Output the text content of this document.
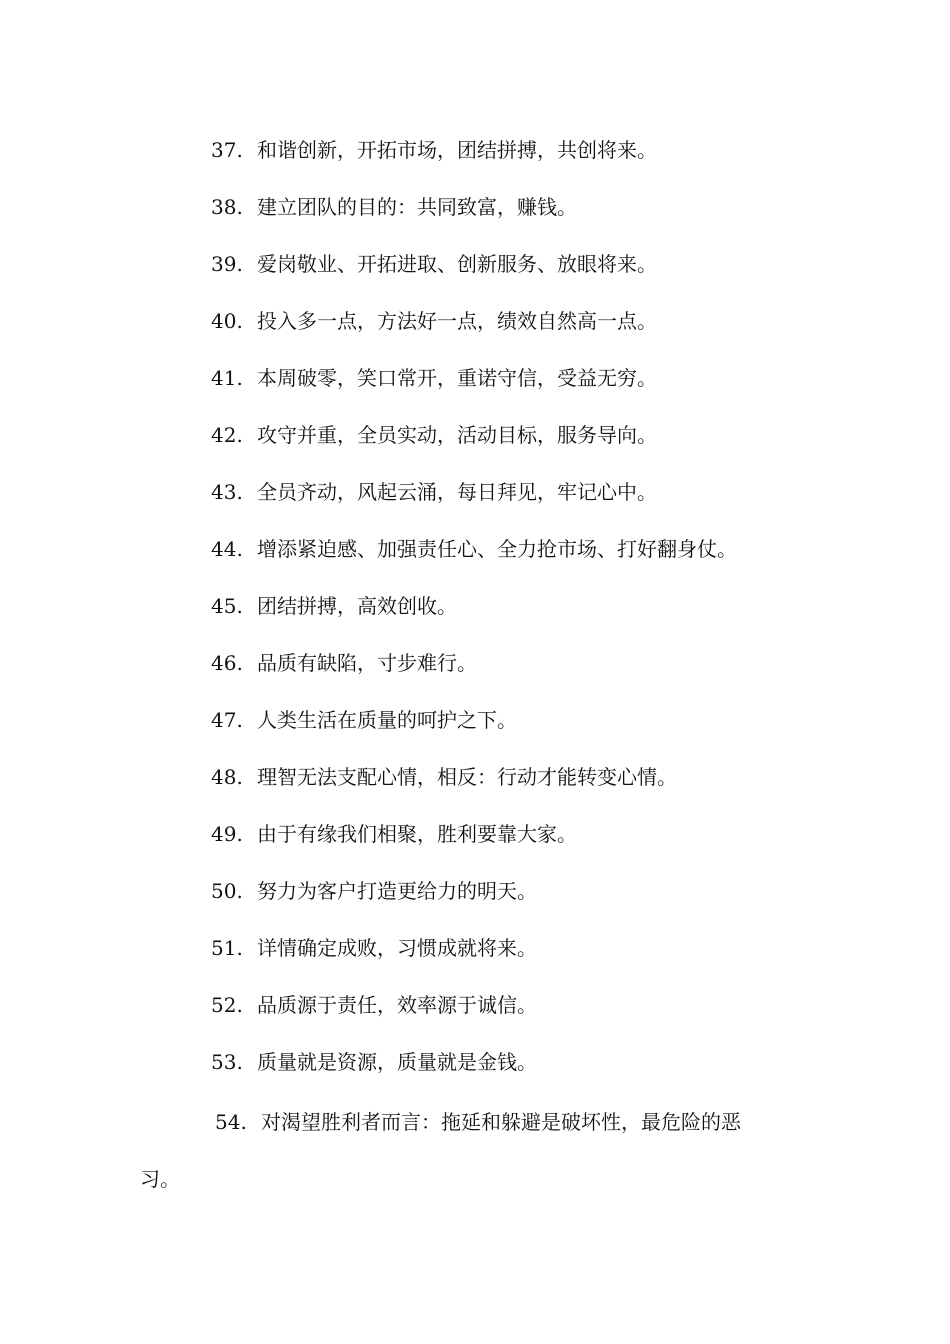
37. 和谐创新，开拓市场，团结拼搏，共创将来。
38. 建立团队的目的：共同致富，赚钱。
39. 爱岗敬业、开拓进取、创新服务、放眼将来。
40. 投入多一点，方法好一点，绩效自然高一点。
41. 本周破零，笑口常开，重诺守信，受益无穷。
42. 攻守并重，全员实动，活动目标，服务导向。
43. 全员齐动，风起云涌，每日拜见，牢记心中。
44. 增添紧迫感、加强责任心、全力抢市场、打好翻身仗。
45. 团结拼搏，高效创收。
46. 品质有缺陷，寸步难行。
47. 人类生活在质量的呵护之下。
48. 理智无法支配心情，相反：行动才能转变心情。
49. 由于有缘我们相聚，胜利要靠大家。
50. 努力为客户打造更给力的明天。
51. 详情确定成败，习惯成就将来。
52. 品质源于责任，效率源于诚信。
53. 质量就是资源，质量就是金钱。
54. 对渴望胜利者而言：拖延和躲避是破坏性，最危险的恶
习。
